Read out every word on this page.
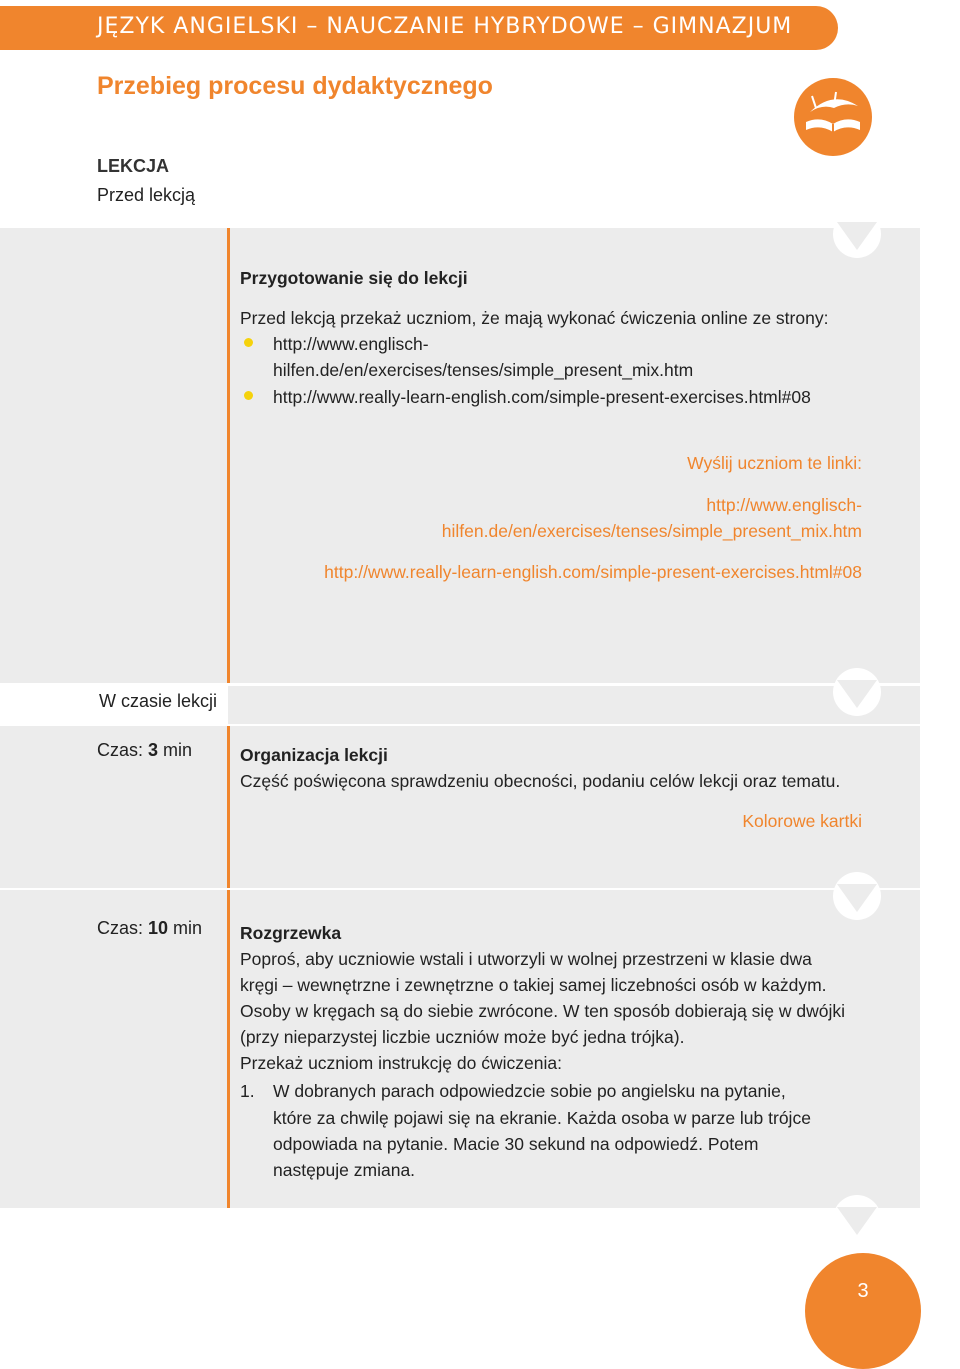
JĘZYK ANGIELSKI – NAUCZANIE HYBRYDOWE – GIMNAZJUM
Przebieg procesu dydaktycznego
LEKCJA
Przed lekcją
Przygotowanie się do lekcji
Przed lekcją przekaż uczniom, że mają wykonać ćwiczenia online ze strony:
http://www.englisch-
hilfen.de/en/exercises/tenses/simple_present_mix.htm
http://www.really-learn-english.com/simple-present-exercises.html#08
Wyślij uczniom te linki:
http://www.englisch-
hilfen.de/en/exercises/tenses/simple_present_mix.htm
http://www.really-learn-english.com/simple-present-exercises.html#08
W czasie lekcji
Czas: 3 min	Organizacja lekcji
Część poświęcona sprawdzeniu obecności, podaniu celów lekcji oraz tematu.
Kolorowe kartki
Czas: 10 min Rozgrzewka
Poproś, aby uczniowie wstali i utworzyli w wolnej przestrzeni w klasie dwa
kręgi – wewnętrzne i zewnętrzne o takiej samej liczebności osób w każdym.
Osoby w kręgach są do siebie zwrócone. W ten sposób dobierają się w dwójki
(przy nieparzystej liczbie uczniów może być jedna trójka).
Przekaż uczniom instrukcję do ćwiczenia:
1. W dobranych parach odpowiedzcie sobie po angielsku na pytanie,
które za chwilę pojawi się na ekranie. Każda osoba w parze lub trójce
odpowiada na pytanie. Macie 30 sekund na odpowiedź. Potem
następuje zmiana.
3
